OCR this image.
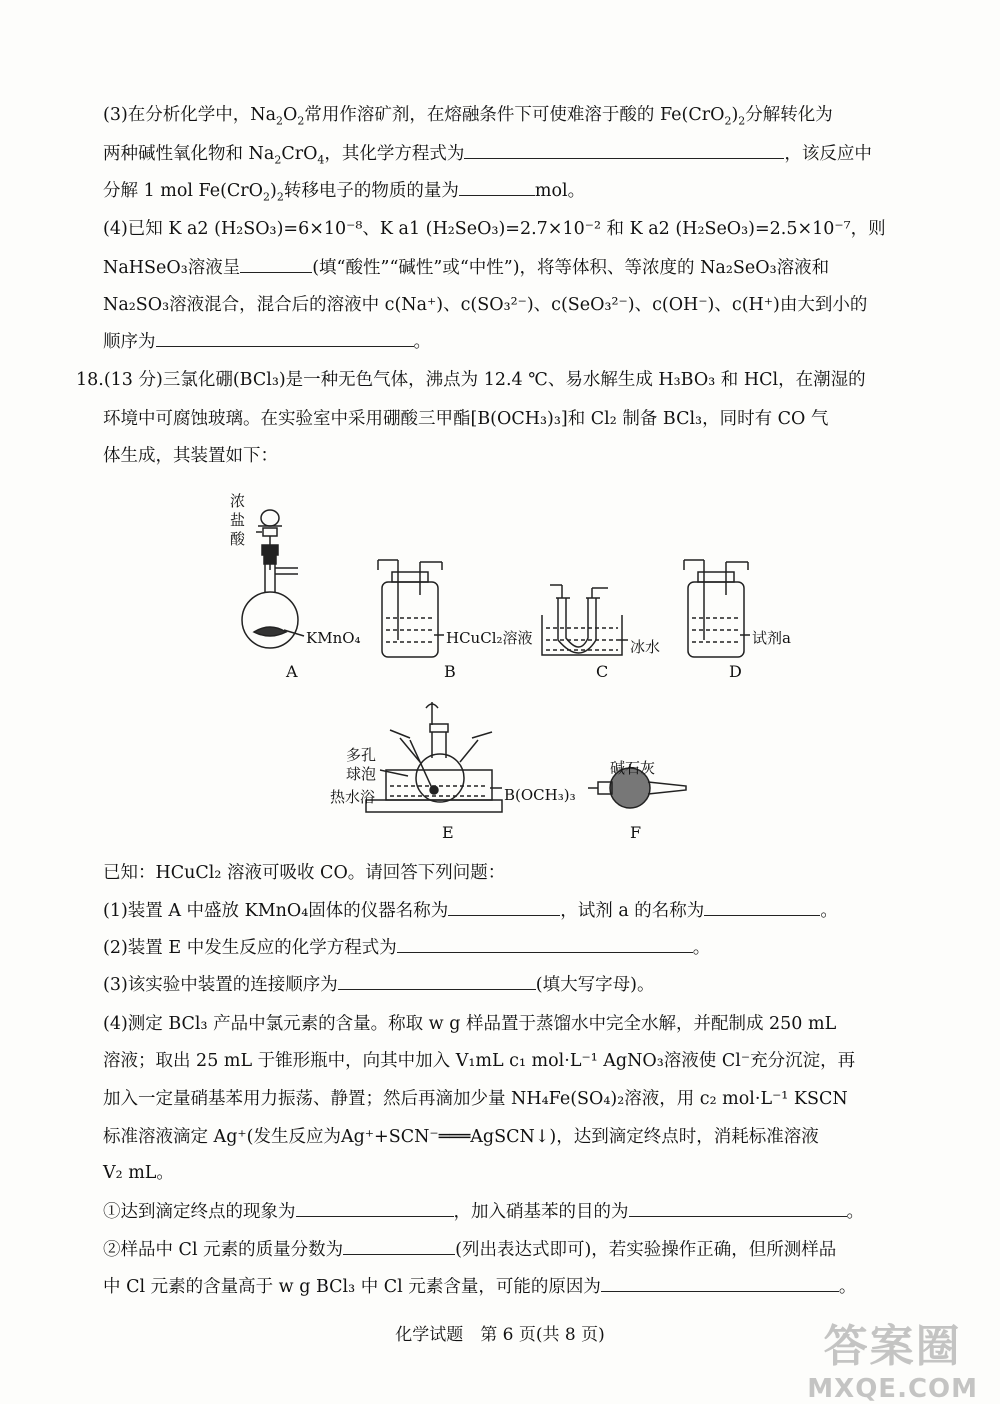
(3)在分析化学中，$Na_2O_2$常用作溶矿剂，在熔融条件下可使难溶于酸的 $Fe(CrO_2)_2$分解转化为
两种碱性氧化物和 $Na_2CrO_4$，其化学方程式为	，该反应中
分解 1 mol $Fe(CrO_2)_2$转移电子的物质的量为	mol。
(4)已知 K a2 (H₂SO₃)=6×10⁻⁸、K a1 (H₂SeO₃)=2.7×10⁻² 和 K a2 (H₂SeO₃)=2.5×10⁻⁷，则
NaHSeO₃溶液呈	(填“酸性”“碱性”或“中性”)，将等体积、等浓度的 Na₂SeO₃溶液和
Na₂SO₃溶液混合，混合后的溶液中 c(Na⁺)、c(SO₃²⁻)、c(SeO₃²⁻)、c(OH⁻)、c(H⁺)由大到小的
顺序为	。
18.(13 分)三氯化硼(BCl₃)是一种无色气体，沸点为 12.4 ℃、易水解生成 H₃BO₃ 和 HCl，在潮湿的
环境中可腐蚀玻璃。在实验室中采用硼酸三甲酯[B(OCH₃)₃]和 Cl₂ 制备 BCl₃，同时有 CO 气
体生成，其装置如下：
浓
盐
酸
KMnO₄	HCuCl₂溶液	冰水	试剂a
多孔
球泡
热水浴	B(OCH₃)₃
碱石灰
A	B	C	D
E	F
已知：HCuCl₂ 溶液可吸收 CO。请回答下列问题：
(1)装置 A 中盛放 KMnO₄固体的仪器名称为	，试剂 a 的名称为	。
(2)装置 E 中发生反应的化学方程式为	。
(3)该实验中装置的连接顺序为	(填大写字母)。
(4)测定 BCl₃ 产品中氯元素的含量。称取 w g 样品置于蒸馏水中完全水解，并配制成 250 mL
溶液；取出 25 mL 于锥形瓶中，向其中加入 V₁mL c₁ mol·L⁻¹ AgNO₃溶液使 Cl⁻充分沉淀，再
加入一定量硝基苯用力振荡、静置；然后再滴加少量 NH₄Fe(SO₄)₂溶液，用 c₂ mol·L⁻¹ KSCN
标准溶液滴定 Ag⁺(发生反应为Ag⁺+SCN⁻═══AgSCN↓)，达到滴定终点时，消耗标准溶液
V₂ mL。
①达到滴定终点的现象为	，加入硝基苯的目的为	。
②样品中 Cl 元素的质量分数为	(列出表达式即可)，若实验操作正确，但所测样品
中 Cl 元素的含量高于 w g BCl₃ 中 Cl 元素含量，可能的原因为	。
化学试题　第 6 页(共 8 页)	答案圈
MXQE.COM
